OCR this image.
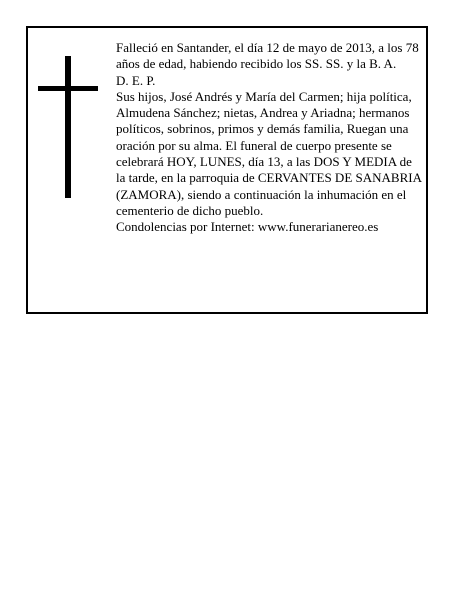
Falleció en Santander, el día 12 de mayo de 2013, a los 78 años de edad, habiendo recibido los SS. SS. y la B. A.

D. E. P.

Sus hijos, José Andrés y María del Carmen; hija política, Almudena Sánchez; nietas, Andrea y Ariadna; hermanos políticos, sobrinos, primos y demás familia, Ruegan una oración por su alma. El funeral de cuerpo presente se celebrará HOY, LUNES, día 13, a las DOS Y MEDIA de la tarde, en la parroquia de CERVANTES DE SANABRIA (ZAMORA), siendo a continuación la inhumación en el cementerio de dicho pueblo.

Condolencias por Internet: www.funerarianereo.es
